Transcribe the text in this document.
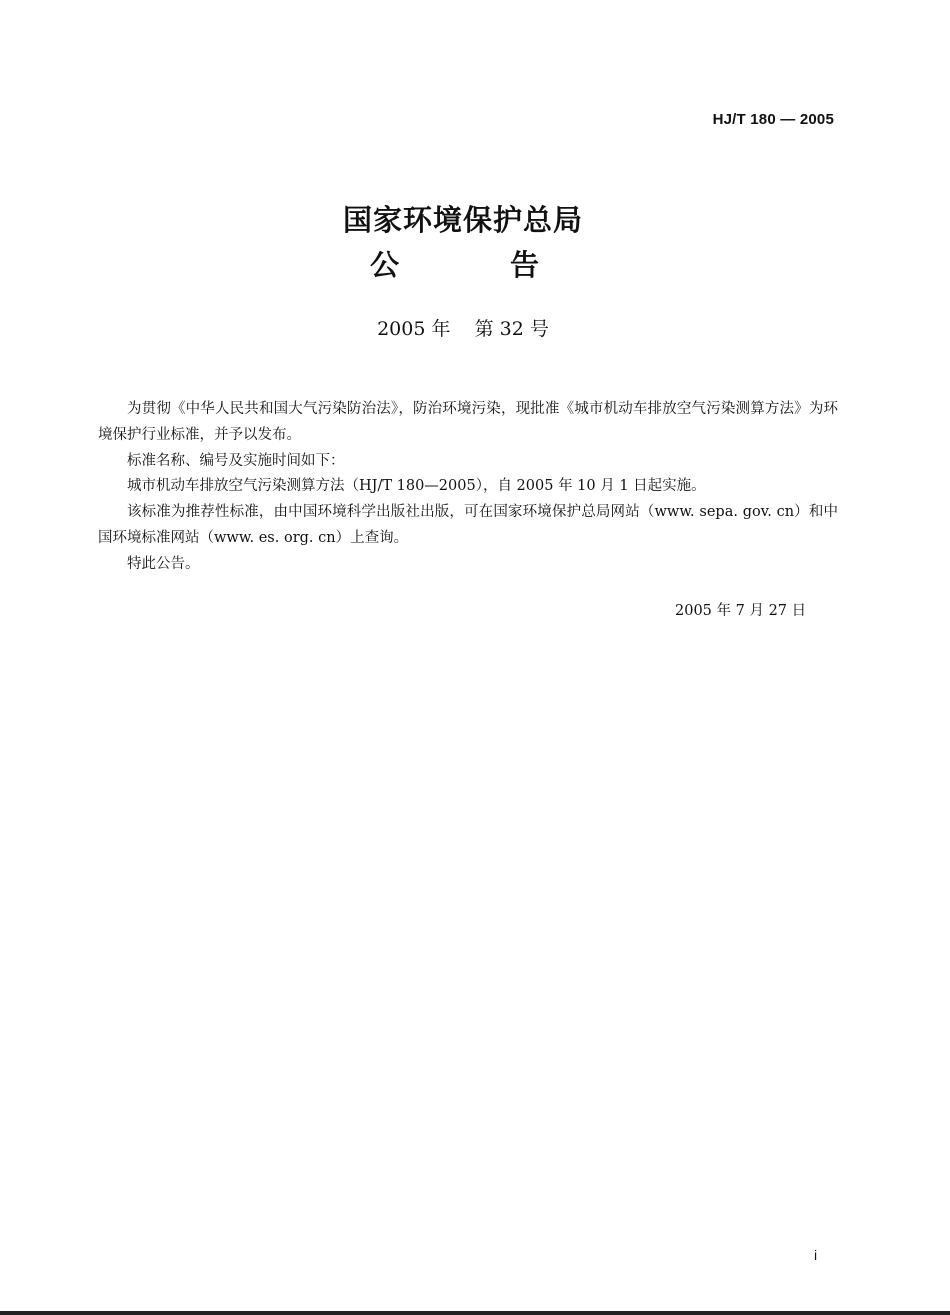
HJ/T 180 — 2005
国家环境保护总局
公	告
2005 年    第 32 号

为贯彻《中华人民共和国大气污染防治法》，防治环境污染，现批准《城市机动车排放空气污染测算方法》为环境保护行业标准，并予以发布。

标准名称、编号及实施时间如下：

城市机动车排放空气污染测算方法（HJ/T 180—2005），自 2005 年 10 月 1 日起实施。

该标准为推荐性标准，由中国环境科学出版社出版，可在国家环境保护总局网站（www. sepa. gov. cn）和中国环境标准网站（www. es. org. cn）上查询。

特此公告。

2005 年 7 月 27 日
i
